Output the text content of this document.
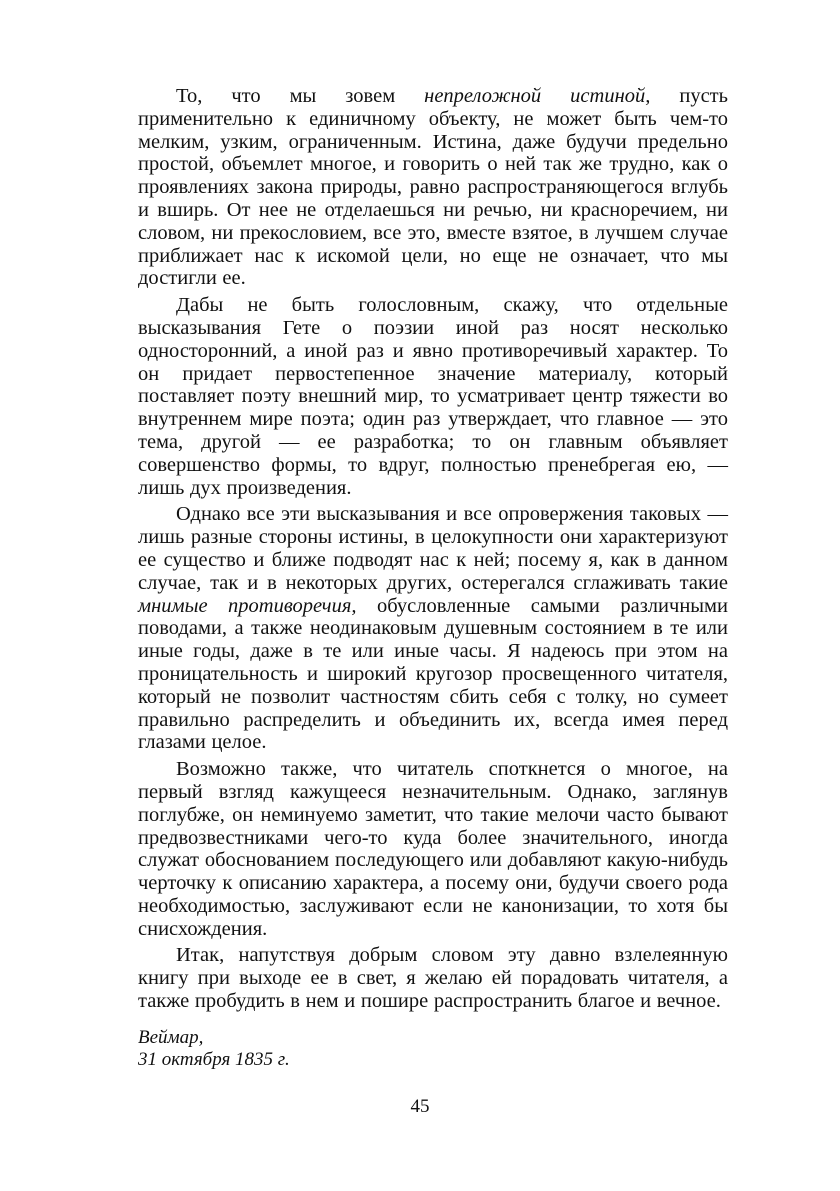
То, что мы зовем непреложной истиной, пусть применительно к единичному объекту, не может быть чем-то мелким, узким, ограниченным. Истина, даже будучи предельно простой, объемлет многое, и говорить о ней так же трудно, как о проявлениях закона природы, равно распространяющегося вглубь и вширь. От нее не отделаешься ни речью, ни красноречием, ни словом, ни прекословием, все это, вместе взятое, в лучшем случае приближает нас к искомой цели, но еще не означает, что мы достигли ее.

Дабы не быть голословным, скажу, что отдельные высказывания Гете о поэзии иной раз носят несколько односторонний, а иной раз и явно противоречивый характер. То он придает первостепенное значение материалу, который поставляет поэту внешний мир, то усматривает центр тяжести во внутреннем мире поэта; один раз утверждает, что главное — это тема, другой — ее разработка; то он главным объявляет совершенство формы, то вдруг, полностью пренебрегая ею, — лишь дух произведения.

Однако все эти высказывания и все опровержения таковых — лишь разные стороны истины, в целокупности они характеризуют ее существо и ближе подводят нас к ней; посему я, как в данном случае, так и в некоторых других, остерегался сглаживать такие мнимые противоречия, обусловленные самыми различными поводами, а также неодинаковым душевным состоянием в те или иные годы, даже в те или иные часы. Я надеюсь при этом на проницательность и широкий кругозор просвещенного читателя, который не позволит частностям сбить себя с толку, но сумеет правильно распределить и объединить их, всегда имея перед глазами целое.

Возможно также, что читатель споткнется о многое, на первый взгляд кажущееся незначительным. Однако, заглянув поглубже, он неминуемо заметит, что такие мелочи часто бывают предвозвестниками чего-то куда более значительного, иногда служат обоснованием последующего или добавляют какую-нибудь черточку к описанию характера, а посему они, будучи своего рода необходимостью, заслуживают если не канонизации, то хотя бы снисхождения.

Итак, напутствуя добрым словом эту давно взлелеянную книгу при выходе ее в свет, я желаю ей порадовать читателя, а также пробудить в нем и пошире распространить благое и вечное.

Веймар,
31 октября 1835 г.
45
